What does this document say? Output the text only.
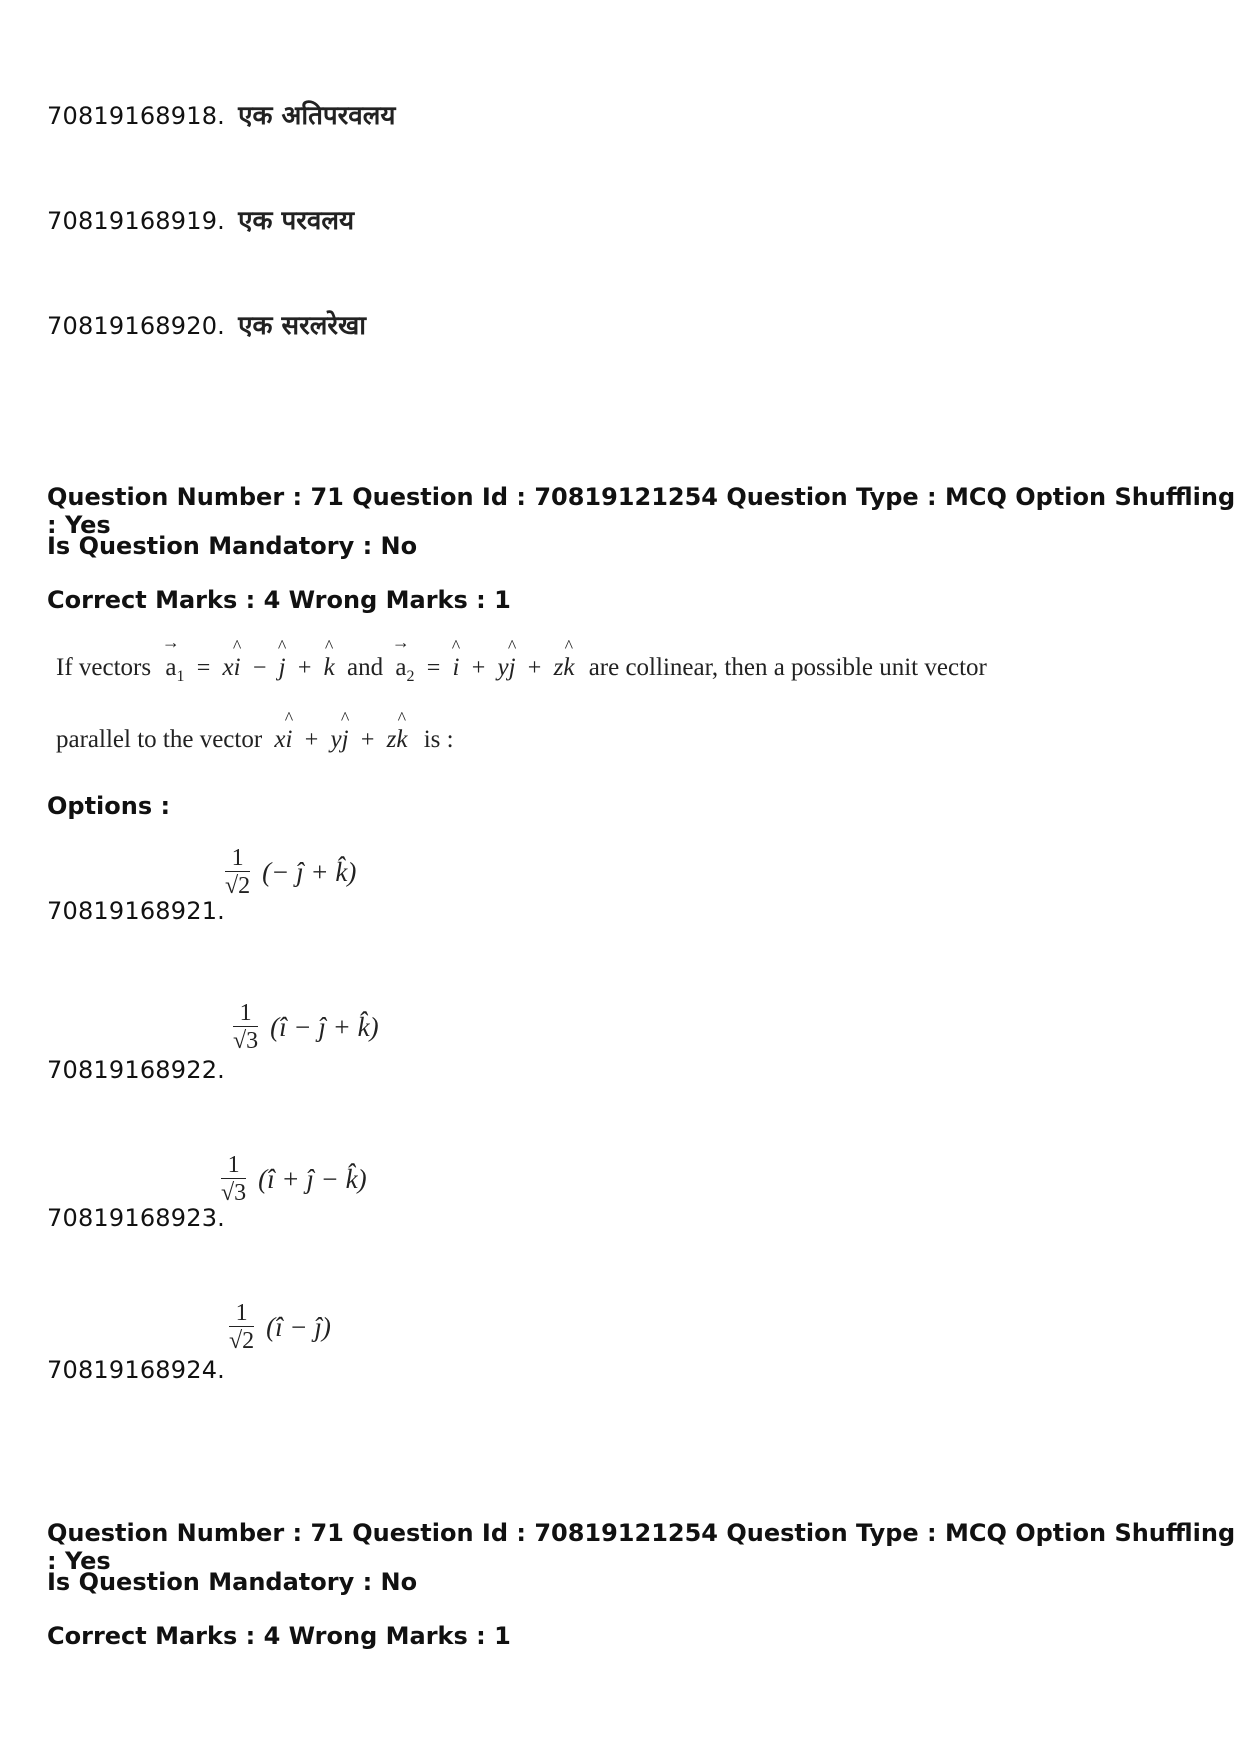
70819168918. एक अतिपरवलय
70819168919. एक परवलय
70819168920. एक सरलरेखा
Question Number : 71 Question Id : 70819121254 Question Type : MCQ Option Shuffling : Yes
Is Question Mandatory : No
Correct Marks : 4 Wrong Marks : 1
If vectors
→
$a_1 = x$
^
i −
^
j +
^
k and
→
$a_2$ =
^
i + y
^
j + z
^
k are collinear, then a possible unit vector
parallel to the vector x
^
i + y
^
j + z
^
k is :
Options :
70819168921.
$\frac{1}{√2}$ (− ĵ + k̂)
70819168922.
$\frac{1}{√3}$ (î − ĵ + k̂)
70819168923.
$\frac{1}{√3}$ (î + ĵ − k̂)
70819168924.
$\frac{1}{√2}$ (î − ĵ)
Question Number : 71 Question Id : 70819121254 Question Type : MCQ Option Shuffling : Yes
Is Question Mandatory : No
Correct Marks : 4 Wrong Marks : 1
